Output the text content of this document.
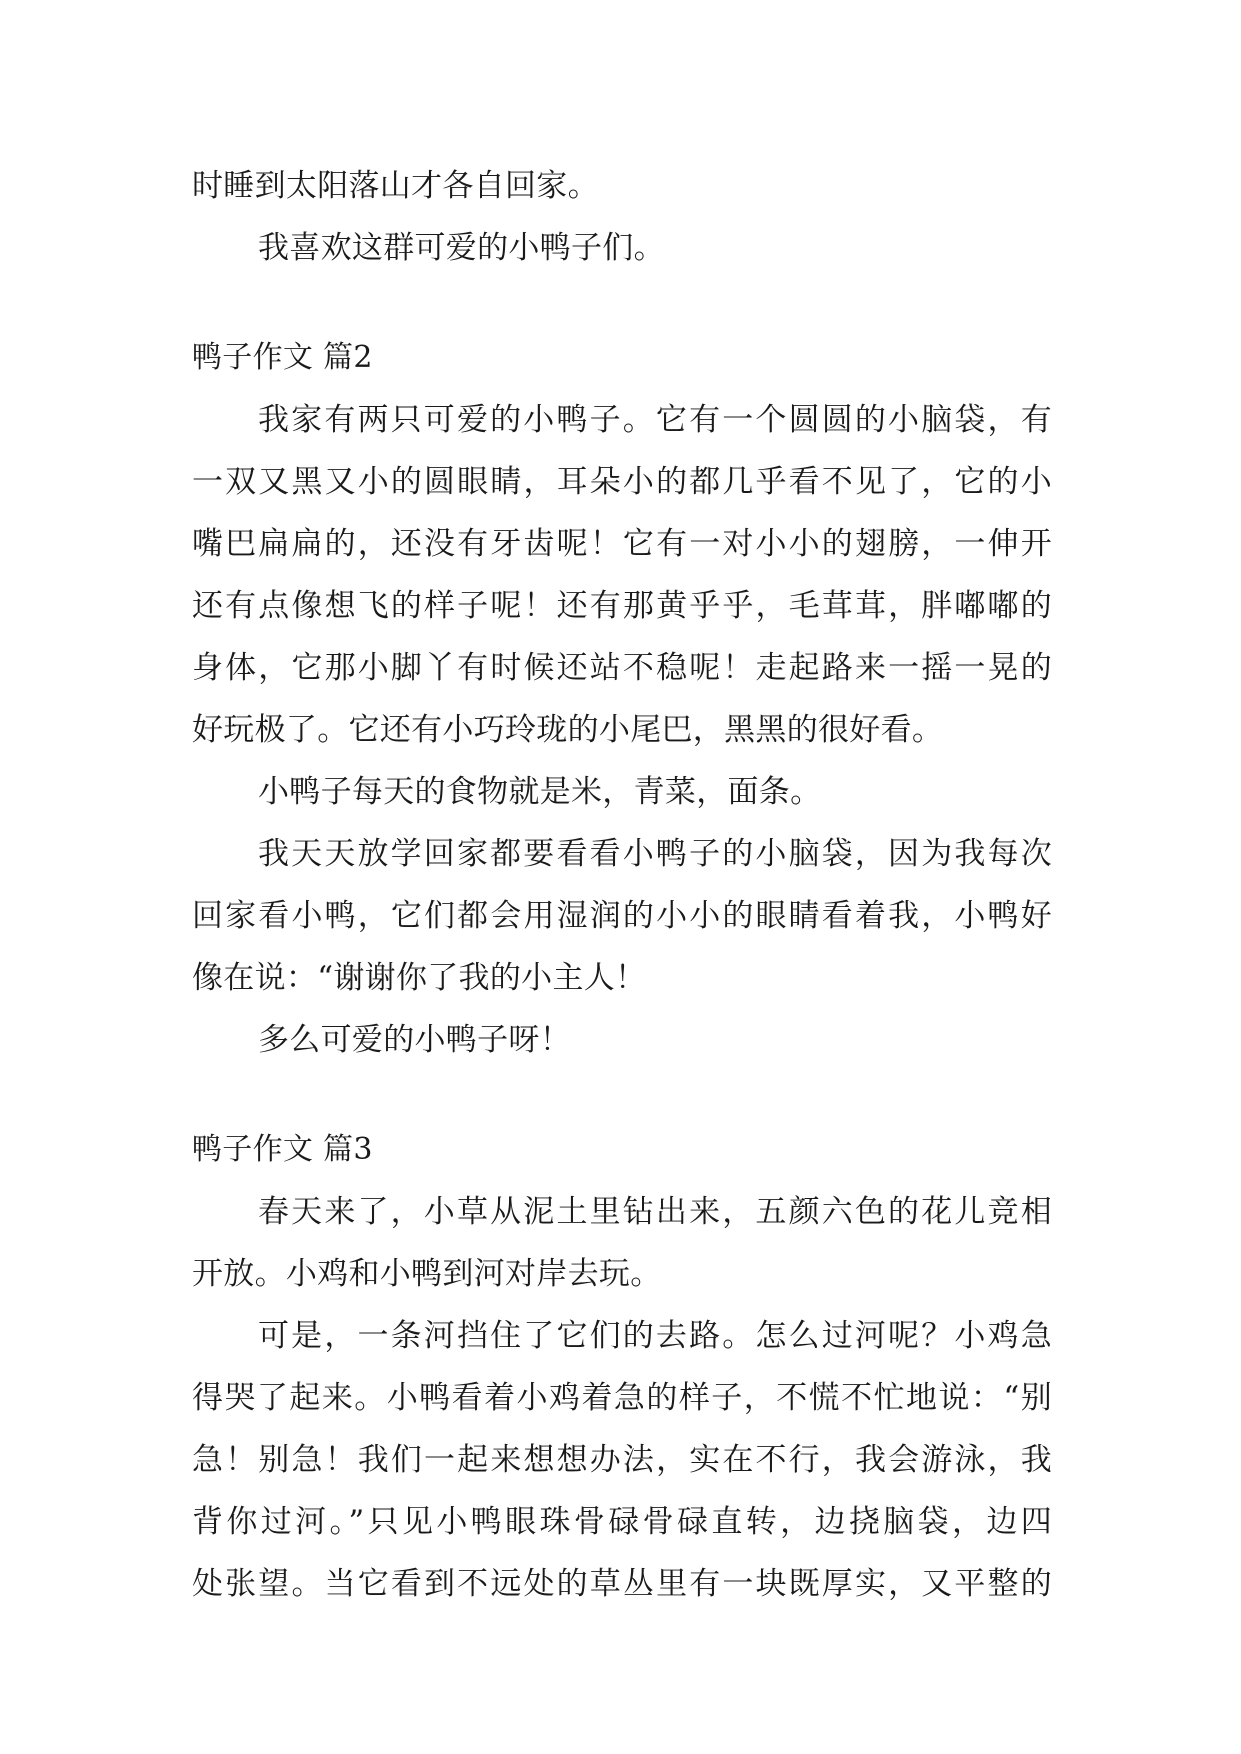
时睡到太阳落山才各自回家。
我喜欢这群可爱的小鸭子们。
鸭子作文 篇2
我家有两只可爱的小鸭子。它有一个圆圆的小脑袋，有
一双又黑又小的圆眼睛，耳朵小的都几乎看不见了，它的小
嘴巴扁扁的，还没有牙齿呢！它有一对小小的翅膀，一伸开
还有点像想飞的样子呢！还有那黄乎乎，毛茸茸，胖嘟嘟的
身体，它那小脚丫有时候还站不稳呢！走起路来一摇一晃的
好玩极了。它还有小巧玲珑的小尾巴，黑黑的很好看。
小鸭子每天的食物就是米，青菜，面条。
我天天放学回家都要看看小鸭子的小脑袋，因为我每次
回家看小鸭，它们都会用湿润的小小的眼睛看着我，小鸭好
像在说：“谢谢你了我的小主人！
多么可爱的小鸭子呀！
鸭子作文 篇3
春天来了，小草从泥土里钻出来，五颜六色的花儿竞相
开放。小鸡和小鸭到河对岸去玩。
可是，一条河挡住了它们的去路。怎么过河呢？小鸡急
得哭了起来。小鸭看着小鸡着急的样子，不慌不忙地说：“别
急！别急！我们一起来想想办法，实在不行，我会游泳，我
背你过河。”只见小鸭眼珠骨碌骨碌直转，边挠脑袋，边四
处张望。当它看到不远处的草丛里有一块既厚实，又平整的
